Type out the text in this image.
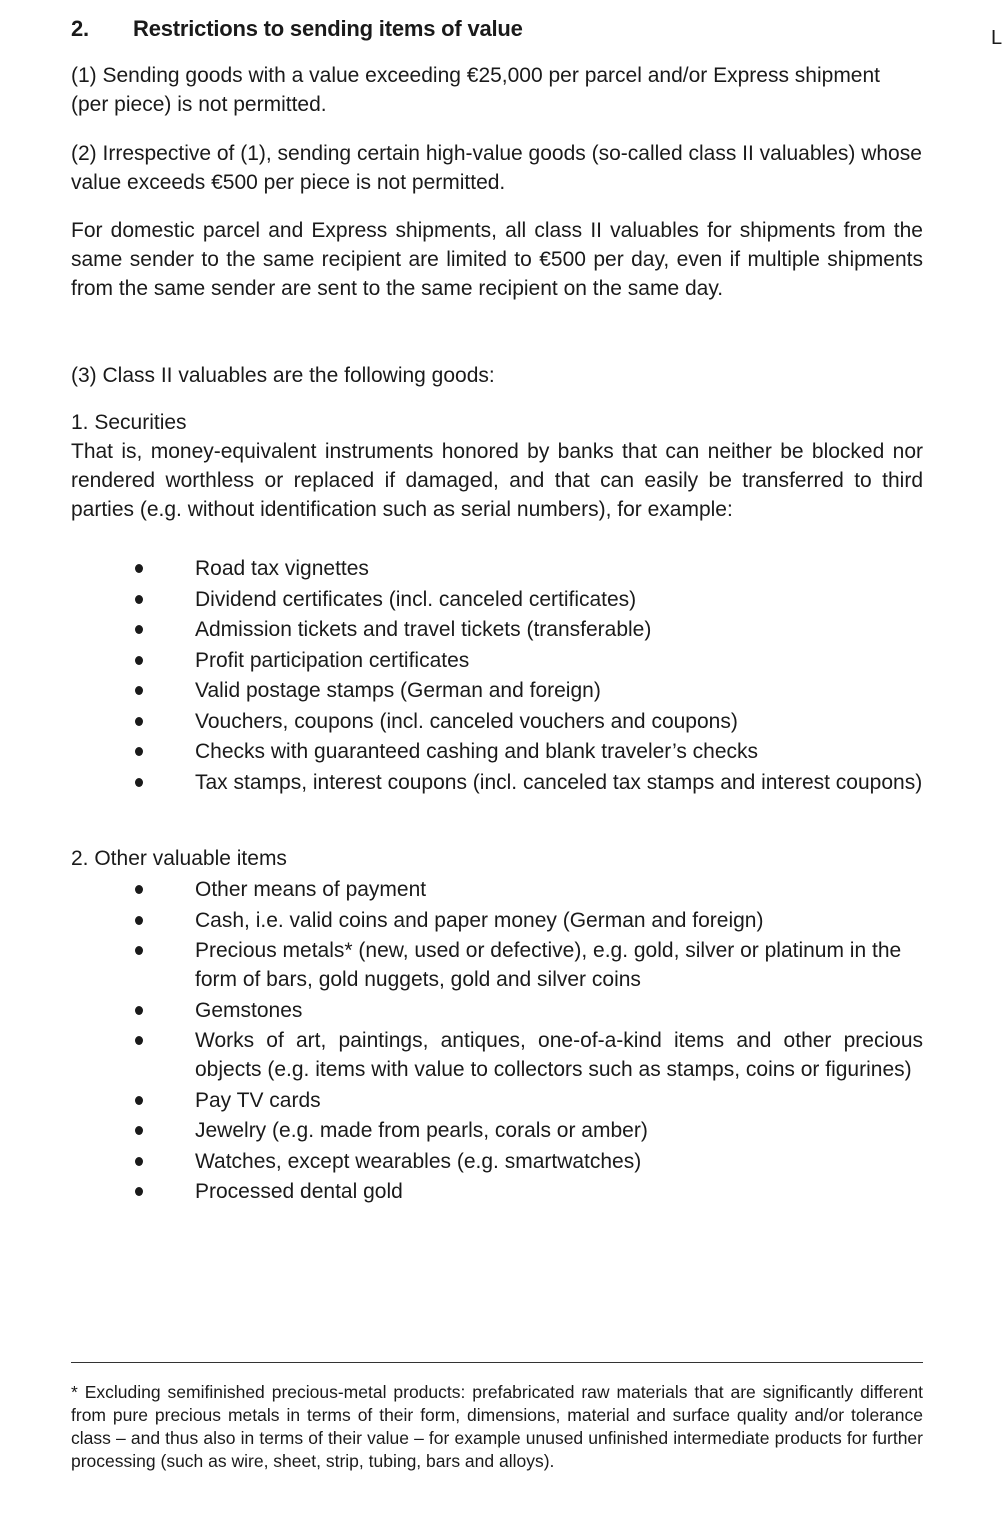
L
2. Restrictions to sending items of value

(1) Sending goods with a value exceeding €25,000 per parcel and/or Express shipment (per piece) is not permitted.

(2) Irrespective of (1), sending certain high-value goods (so-called class II valuables) whose value exceeds €500 per piece is not permitted.

For domestic parcel and Express shipments, all class II valuables for shipments from the same sender to the same recipient are limited to €500 per day, even if multiple shipments from the same sender are sent to the same recipient on the same day.

(3) Class II valuables are the following goods:

1. Securities

That is, money-equivalent instruments honored by banks that can neither be blocked nor rendered worthless or replaced if damaged, and that can easily be transferred to third parties (e.g. without identification such as serial numbers), for example:

Road tax vignettes
Dividend certificates (incl. canceled certificates)
Admission tickets and travel tickets (transferable)
Profit participation certificates
Valid postage stamps (German and foreign)
Vouchers, coupons (incl. canceled vouchers and coupons)
Checks with guaranteed cashing and blank traveler’s checks
Tax stamps, interest coupons (incl. canceled tax stamps and interest coupons)

2. Other valuable items

Other means of payment
Cash, i.e. valid coins and paper money (German and foreign)
Precious metals* (new, used or defective), e.g. gold, silver or platinum in the form of bars, gold nuggets, gold and silver coins
Gemstones
Works of art, paintings, antiques, one-of-a-kind items and other precious objects (e.g. items with value to collectors such as stamps, coins or figurines)
Pay TV cards
Jewelry (e.g. made from pearls, corals or amber)
Watches, except wearables (e.g. smartwatches)
Processed dental gold

* Excluding semifinished precious-metal products: prefabricated raw materials that are significantly different from pure precious metals in terms of their form, dimensions, material and surface quality and/or tolerance class – and thus also in terms of their value – for example unused unfinished intermediate products for further processing (such as wire, sheet, strip, tubing, bars and alloys).
